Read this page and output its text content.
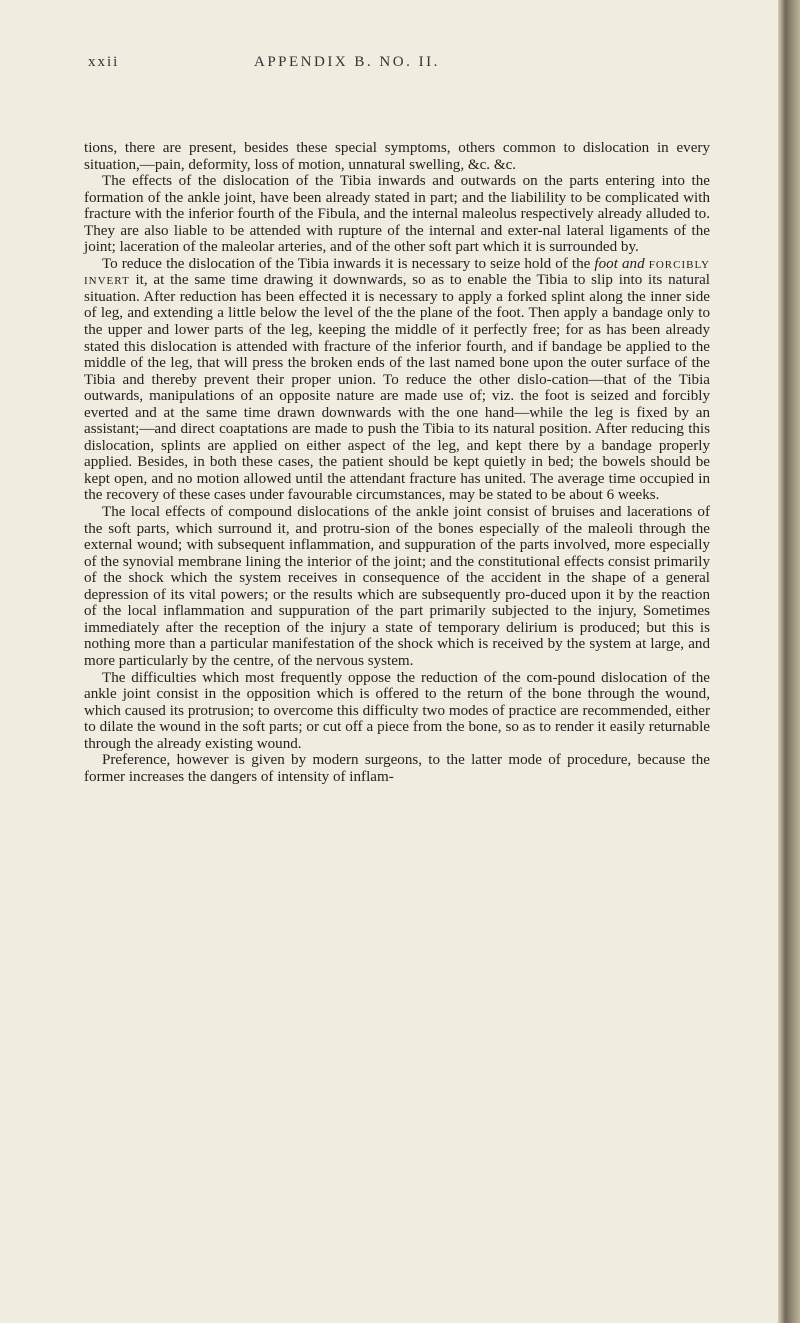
xxii	APPENDIX B. NO. II.

tions, there are present, besides these special symptoms, others common to dislocation in every situation,—pain, deformity, loss of motion, unnatural swelling, &c. &c.

The effects of the dislocation of the Tibia inwards and outwards on the parts entering into the formation of the ankle joint, have been already stated in part; and the liabilility to be complicated with fracture with the inferior fourth of the Fibula, and the internal maleolus respectively already alluded to. They are also liable to be attended with rupture of the internal and exter-nal lateral ligaments of the joint; laceration of the maleolar arteries, and of the other soft part which it is surrounded by.

To reduce the dislocation of the Tibia inwards it is necessary to seize hold of the foot and forcibly invert it, at the same time drawing it downwards, so as to enable the Tibia to slip into its natural situation. After reduction has been effected it is necessary to apply a forked splint along the inner side of leg, and extending a little below the level of the the plane of the foot. Then apply a bandage only to the upper and lower parts of the leg, keeping the middle of it perfectly free; for as has been already stated this dislocation is attended with fracture of the inferior fourth, and if bandage be applied to the middle of the leg, that will press the broken ends of the last named bone upon the outer surface of the Tibia and thereby prevent their proper union. To reduce the other dislo-cation—that of the Tibia outwards, manipulations of an opposite nature are made use of; viz. the foot is seized and forcibly everted and at the same time drawn downwards with the one hand—while the leg is fixed by an assistant;—and direct coaptations are made to push the Tibia to its natural position. After reducing this dislocation, splints are applied on either aspect of the leg, and kept there by a bandage properly applied. Besides, in both these cases, the patient should be kept quietly in bed; the bowels should be kept open, and no motion allowed until the attendant fracture has united. The average time occupied in the recovery of these cases under favourable circumstances, may be stated to be about 6 weeks.

The local effects of compound dislocations of the ankle joint consist of bruises and lacerations of the soft parts, which surround it, and protru-sion of the bones especially of the maleoli through the external wound; with subsequent inflammation, and suppuration of the parts involved, more especially of the synovial membrane lining the interior of the joint; and the constitutional effects consist primarily of the shock which the system receives in consequence of the accident in the shape of a general depression of its vital powers; or the results which are subsequently pro-duced upon it by the reaction of the local inflammation and suppuration of the part primarily subjected to the injury, Sometimes immediately after the reception of the injury a state of temporary delirium is produced; but this is nothing more than a particular manifestation of the shock which is received by the system at large, and more particularly by the centre, of the nervous system.

The difficulties which most frequently oppose the reduction of the com-pound dislocation of the ankle joint consist in the opposition which is offered to the return of the bone through the wound, which caused its protrusion; to overcome this difficulty two modes of practice are recommended, either to dilate the wound in the soft parts; or cut off a piece from the bone, so as to render it easily returnable through the already existing wound.

Preference, however is given by modern surgeons, to the latter mode of procedure, because the former increases the dangers of intensity of inflam-
